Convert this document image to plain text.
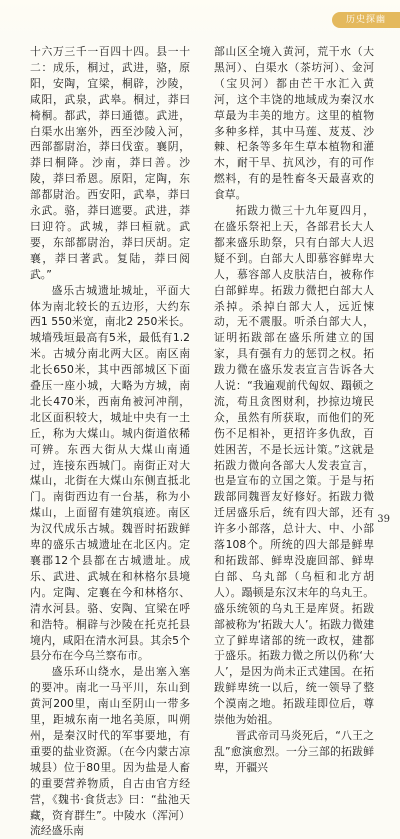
历史探幽

十六万三千一百四十四。县一十二：成乐，桐过，武进，骆，原阳，安陶，宜梁，桐辟，沙陵，咸阳，武泉，武皋。桐过，莽曰椅桐。都武，莽曰通德。武进，白渠水出塞外，西至沙陵入河，西部都尉治，莽曰伐蛮。襄阴，莽曰桐降。沙南，莽曰善。沙陵，莽曰希恩。原阳，定陶，东部都尉治。西安阳，武皋，莽曰永武。骆，莽曰遮要。武进，莽曰迎符。武城，莽曰桓就。武要，东部都尉治，莽曰厌胡。定襄，莽曰著武。复陆，莽曰阅武。”

盛乐古城遗址城址，平面大体为南北较长的五边形，大约东西1 550米宽，南北2 250米长。城墙残垣最高有5米，最低有1.2米。古城分南北两大区。南区南北长650米，其中西部城区下面叠压一座小城，大略为方城，南北长470米，西南角被河冲削，北区面积较大，城址中央有一土丘，称为大煤山。城内街道依稀可辨。东西大街从大煤山南通过，连接东西城门。南街正对大煤山，北街在大煤山东侧直抵北门。南街西边有一台基，称为小煤山，上面留有建筑痕迹。南区为汉代成乐古城。魏晋时拓跋鲜卑的盛乐古城遗址在北区内。定襄郡12个县都在古城遗址。成乐、武进、武城在和林格尔县境内。定陶、定襄在今和林格尔、清水河县。骆、安陶、宜梁在呼和浩特。桐辟与沙陵在托克托县境内，咸阳在清水河县。其余5个县分布在今乌兰察布市。

盛乐环山绕水，是出塞入塞的要冲。南北一马平川，东山到黄河200里，南山至阴山一带多里，距城东南一地名美原，叫朔州，是秦汉时代的军事要地，有重要的盐业资源。（在今内蒙古凉城县）位于80里。因为盐是人畜的重要营养物质，自古由官方经营，《魏书·食货志》曰：“盐池天藏，资育群生”。中陵水（浑河）流经盛乐南

部山区全境入黄河，荒干水（大黑河）、白渠水（茶坊河）、金河（宝贝河）都由芒干水汇入黄河，这个丰饶的地域成为秦汉水草最为丰美的地方。这里的植物多种多样，其中马莲、芨芨、沙棘、杞条等多年生草本植物和灌木，耐干旱、抗风沙，有的可作燃料，有的是牲畜冬天最喜欢的食草。

拓跋力微三十九年夏四月，在盛乐祭祀上天，各部君长大人都来盛乐助祭，只有白部大人迟疑不到。白部大人即慕容鲜卑大人，慕容部人皮肤洁白，被称作白部鲜卑。拓跋力微把白部大人杀掉。杀掉白部大人，远近悚动，无不震服。听杀白部大人，证明拓跋部在盛乐所建立的国家，具有强有力的惩罚之权。拓跋力微在盛乐发表宣言告诉各大人说：“我遍观前代匈奴、蹋顿之流，苟且贪图财利，抄掠边境民众，虽然有所获取，而他们的死伤不足相补，更招许多仇敌，百姓困苦，不是长远计策。”这就是拓跋力微向各部大人发表宣言，也是宣布的立国之策。于是与拓跋部同魏晋友好修好。拓跋力微迁居盛乐后，统有四大部，还有许多小部落，总计大、中、小部落108个。所统的四大部是鲜卑和拓跋部、鲜卑没鹿回部、鲜卑白部、乌丸部（乌桓和北方胡人）。蹋顿是东汉末年的乌丸王。盛乐统领的乌丸王是库贤。拓跋部被称为‘拓跋大人’。拓跋力微建立了鲜卑诸部的统一政权，建都于盛乐。拓跋力微之所以仍称‘大人’，是因为尚未正式建国。在拓跋鲜卑统一以后，统一领导了整个漠南之地。拓跋珪即位后，尊崇他为始祖。

晋武帝司马炎死后，“八王之乱”愈演愈烈。一分三部的拓跋鲜卑，开疆兴

39
